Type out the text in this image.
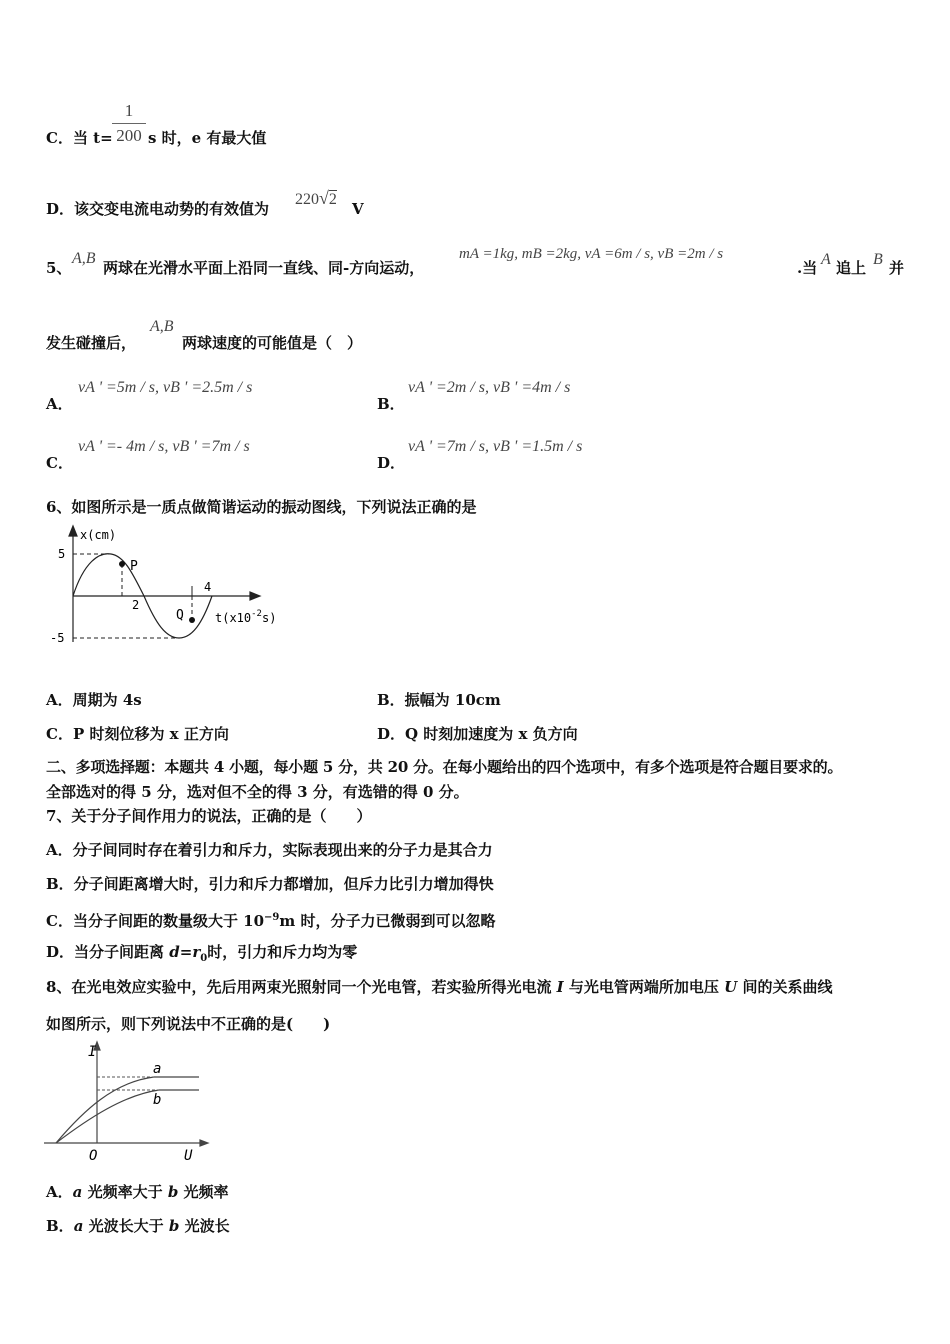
C．当 t=
1
200 s 时，e 有最大值
D．该交变电流电动势的有效值为
220√2
V
5、
A,B
两球在光滑水平面上沿同一直线、同-方向运动，
mA =1kg, mB =2kg, vA =6m / s, vB =2m / s
.当 A 追上 B 并
发生碰撞后，
A,B
两球速度的可能值是（　）
A．
vA ' =5m / s, vB ' =2.5m / s
B．
vA ' =2m / s, vB ' =4m / s
C．
vA ' =- 4m / s, vB ' =7m / s
D．
vA ' =7m / s, vB ' =1.5m / s
6、如图所示是一质点做简谐运动的振动图线，下列说法正确的是
x(cm)
5
-5
P
2
4
Q	$t(x10^{-2}s)$
A．周期为 4s	B．振幅为 10cm
C．P 时刻位移为 x 正方向	D．Q 时刻加速度为 x 负方向
二、多项选择题：本题共 4 小题，每小题 5 分，共 20 分。在每小题给出的四个选项中，有多个选项是符合题目要求的。
全部选对的得 5 分，选对但不全的得 3 分，有选错的得 0 分。
7、关于分子间作用力的说法，正确的是（　　）
A．分子间同时存在着引力和斥力，实际表现出来的分子力是其合力
B．分子间距离增大时，引力和斥力都增加，但斥力比引力增加得快
C．当分子间距的数量级大于 $10^{-9}m$ 时，分子力已微弱到可以忽略
D．当分子间距离 $d=r_0$时，引力和斥力均为零
8、在光电效应实验中，先后用两束光照射同一个光电管，若实验所得光电流 I 与光电管两端所加电压 U 间的关系曲线
如图所示，则下列说法中不正确的是(　　)
I
U
O
a
b
A．a 光频率大于 b 光频率
B．a 光波长大于 b 光波长
